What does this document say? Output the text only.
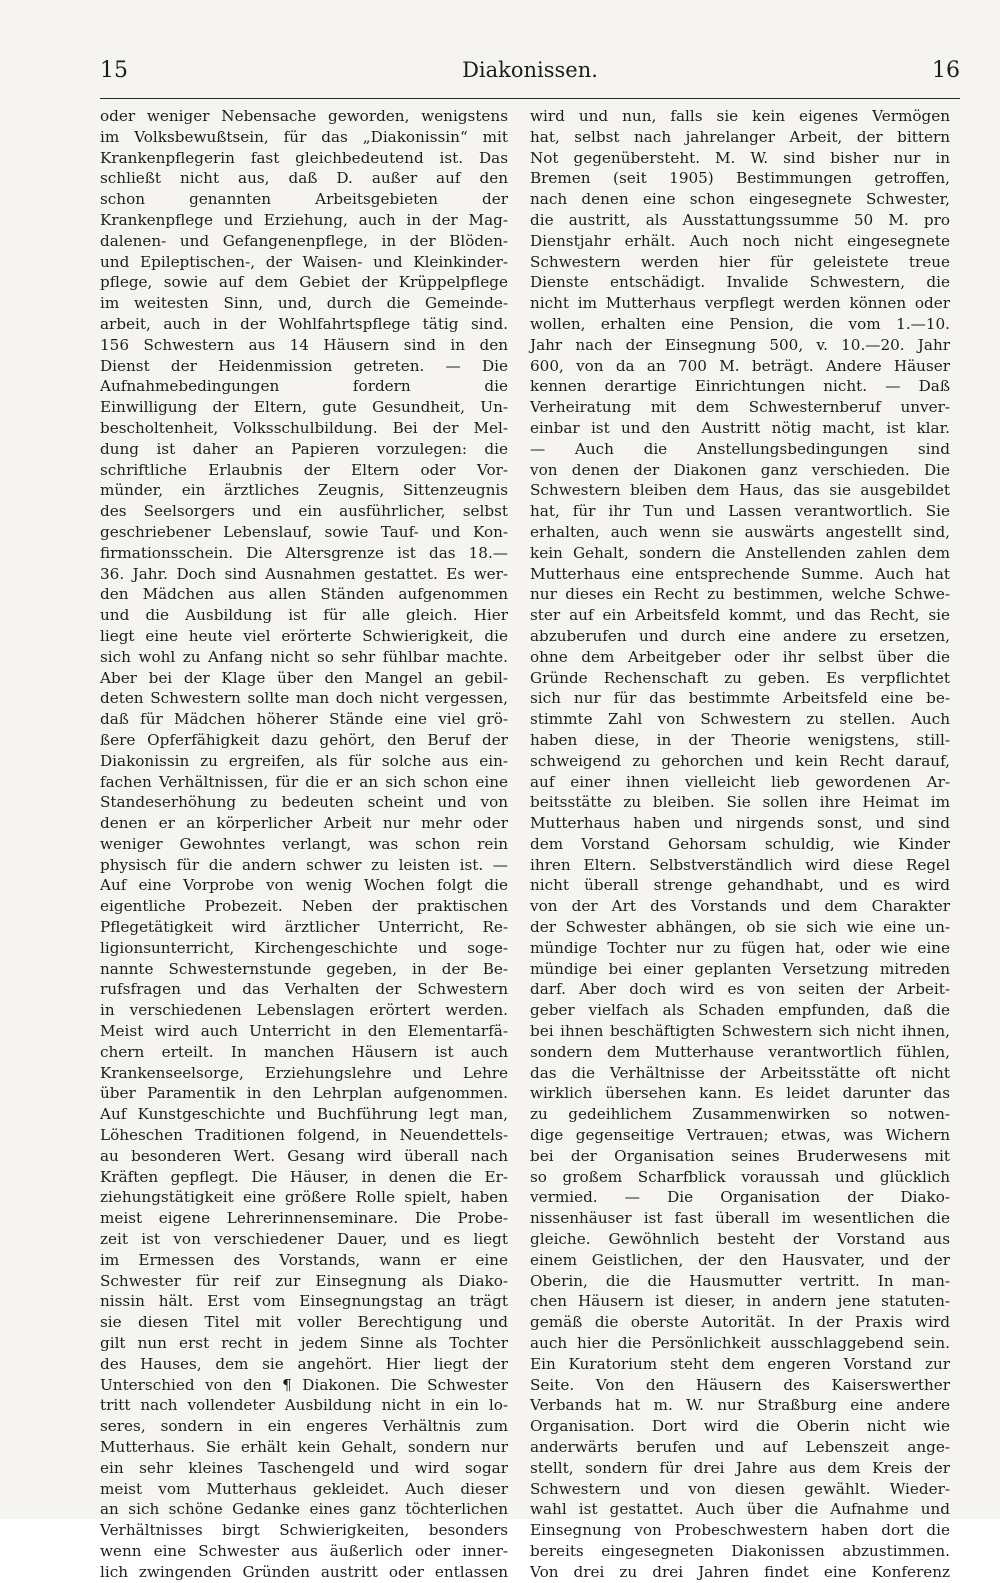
15	Diakonissen.	16
oder weniger Nebensache geworden, wenigstens
im Volksbewußtsein, für das „Diakonissin“ mit
Krankenpflegerin fast gleichbedeutend ist. Das
schließt nicht aus, daß D. außer auf den
schon genannten Arbeitsgebieten der
Krankenpflege und Erziehung, auch in der Mag-
dalenen- und Gefangenenpflege, in der Blöden-
und Epileptischen-, der Waisen- und Kleinkinder-
pflege, sowie auf dem Gebiet der Krüppelpflege
im weitesten Sinn, und, durch die Gemeinde-
arbeit, auch in der Wohlfahrtspflege tätig sind.
156 Schwestern aus 14 Häusern sind in den
Dienst der Heidenmission getreten. — Die
Aufnahmebedingungen fordern die
Einwilligung der Eltern, gute Gesundheit, Un-
bescholtenheit, Volksschulbildung. Bei der Mel-
dung ist daher an Papieren vorzulegen: die
schriftliche Erlaubnis der Eltern oder Vor-
münder, ein ärztliches Zeugnis, Sittenzeugnis
des Seelsorgers und ein ausführlicher, selbst
geschriebener Lebenslauf, sowie Tauf- und Kon-
firmationsschein. Die Altersgrenze ist das 18.—
36. Jahr. Doch sind Ausnahmen gestattet. Es wer-
den Mädchen aus allen Ständen aufgenommen
und die Ausbildung ist für alle gleich. Hier
liegt eine heute viel erörterte Schwierigkeit, die
sich wohl zu Anfang nicht so sehr fühlbar machte.
Aber bei der Klage über den Mangel an gebil-
deten Schwestern sollte man doch nicht vergessen,
daß für Mädchen höherer Stände eine viel grö-
ßere Opferfähigkeit dazu gehört, den Beruf der
Diakonissin zu ergreifen, als für solche aus ein-
fachen Verhältnissen, für die er an sich schon eine
Standeserhöhung zu bedeuten scheint und von
denen er an körperlicher Arbeit nur mehr oder
weniger Gewohntes verlangt, was schon rein
physisch für die andern schwer zu leisten ist. —
Auf eine Vorprobe von wenig Wochen folgt die
eigentliche Probezeit. Neben der praktischen
Pflegetätigkeit wird ärztlicher Unterricht, Re-
ligionsunterricht, Kirchengeschichte und soge-
nannte Schwesternstunde gegeben, in der Be-
rufsfragen und das Verhalten der Schwestern
in verschiedenen Lebenslagen erörtert werden.
Meist wird auch Unterricht in den Elementarfä-
chern erteilt. In manchen Häusern ist auch
Krankenseelsorge, Erziehungslehre und Lehre
über Paramentik in den Lehrplan aufgenommen.
Auf Kunstgeschichte und Buchführung legt man,
Löheschen Traditionen folgend, in Neuendettels-
au besonderen Wert. Gesang wird überall nach
Kräften gepflegt. Die Häuser, in denen die Er-
ziehungstätigkeit eine größere Rolle spielt, haben
meist eigene Lehrerinnenseminare. Die Probe-
zeit ist von verschiedener Dauer, und es liegt
im Ermessen des Vorstands, wann er eine
Schwester für reif zur Einsegnung als Diako-
nissin hält. Erst vom Einsegnungstag an trägt
sie diesen Titel mit voller Berechtigung und
gilt nun erst recht in jedem Sinne als Tochter
des Hauses, dem sie angehört. Hier liegt der
Unterschied von den ¶ Diakonen. Die Schwester
tritt nach vollendeter Ausbildung nicht in ein lo-
seres, sondern in ein engeres Verhältnis zum
Mutterhaus. Sie erhält kein Gehalt, sondern nur
ein sehr kleines Taschengeld und wird sogar
meist vom Mutterhaus gekleidet. Auch dieser
an sich schöne Gedanke eines ganz töchterlichen
Verhältnisses birgt Schwierigkeiten, besonders
wenn eine Schwester aus äußerlich oder inner-
lich zwingenden Gründen austritt oder entlassen
wird und nun, falls sie kein eigenes Vermögen
hat, selbst nach jahrelanger Arbeit, der bittern
Not gegenübersteht. M. W. sind bisher nur in
Bremen (seit 1905) Bestimmungen getroffen,
nach denen eine schon eingesegnete Schwester,
die austritt, als Ausstattungssumme 50 M. pro
Dienstjahr erhält. Auch noch nicht eingesegnete
Schwestern werden hier für geleistete treue
Dienste entschädigt. Invalide Schwestern, die
nicht im Mutterhaus verpflegt werden können oder
wollen, erhalten eine Pension, die vom 1.—10.
Jahr nach der Einsegnung 500, v. 10.—20. Jahr
600, von da an 700 M. beträgt. Andere Häuser
kennen derartige Einrichtungen nicht. — Daß
Verheiratung mit dem Schwesternberuf unver-
einbar ist und den Austritt nötig macht, ist klar.
— Auch die Anstellungsbedingungen sind
von denen der Diakonen ganz verschieden. Die
Schwestern bleiben dem Haus, das sie ausgebildet
hat, für ihr Tun und Lassen verantwortlich. Sie
erhalten, auch wenn sie auswärts angestellt sind,
kein Gehalt, sondern die Anstellenden zahlen dem
Mutterhaus eine entsprechende Summe. Auch hat
nur dieses ein Recht zu bestimmen, welche Schwe-
ster auf ein Arbeitsfeld kommt, und das Recht, sie
abzuberufen und durch eine andere zu ersetzen,
ohne dem Arbeitgeber oder ihr selbst über die
Gründe Rechenschaft zu geben. Es verpflichtet
sich nur für das bestimmte Arbeitsfeld eine be-
stimmte Zahl von Schwestern zu stellen. Auch
haben diese, in der Theorie wenigstens, still-
schweigend zu gehorchen und kein Recht darauf,
auf einer ihnen vielleicht lieb gewordenen Ar-
beitsstätte zu bleiben. Sie sollen ihre Heimat im
Mutterhaus haben und nirgends sonst, und sind
dem Vorstand Gehorsam schuldig, wie Kinder
ihren Eltern. Selbstverständlich wird diese Regel
nicht überall strenge gehandhabt, und es wird
von der Art des Vorstands und dem Charakter
der Schwester abhängen, ob sie sich wie eine un-
mündige Tochter nur zu fügen hat, oder wie eine
mündige bei einer geplanten Versetzung mitreden
darf. Aber doch wird es von seiten der Arbeit-
geber vielfach als Schaden empfunden, daß die
bei ihnen beschäftigten Schwestern sich nicht ihnen,
sondern dem Mutterhause verantwortlich fühlen,
das die Verhältnisse der Arbeitsstätte oft nicht
wirklich übersehen kann. Es leidet darunter das
zu gedeihlichem Zusammenwirken so notwen-
dige gegenseitige Vertrauen; etwas, was Wichern
bei der Organisation seines Bruderwesens mit
so großem Scharfblick voraussah und glücklich
vermied. — Die Organisation der Diako-
nissenhäuser ist fast überall im wesentlichen die
gleiche. Gewöhnlich besteht der Vorstand aus
einem Geistlichen, der den Hausvater, und der
Oberin, die die Hausmutter vertritt. In man-
chen Häusern ist dieser, in andern jene statuten-
gemäß die oberste Autorität. In der Praxis wird
auch hier die Persönlichkeit ausschlaggebend sein.
Ein Kuratorium steht dem engeren Vorstand zur
Seite. Von den Häusern des Kaiserswerther
Verbands hat m. W. nur Straßburg eine andere
Organisation. Dort wird die Oberin nicht wie
anderwärts berufen und auf Lebenszeit ange-
stellt, sondern für drei Jahre aus dem Kreis der
Schwestern und von diesen gewählt. Wieder-
wahl ist gestattet. Auch über die Aufnahme und
Einsegnung von Probeschwestern haben dort die
bereits eingesegneten Diakonissen abzustimmen.
Von drei zu drei Jahren findet eine Konferenz
